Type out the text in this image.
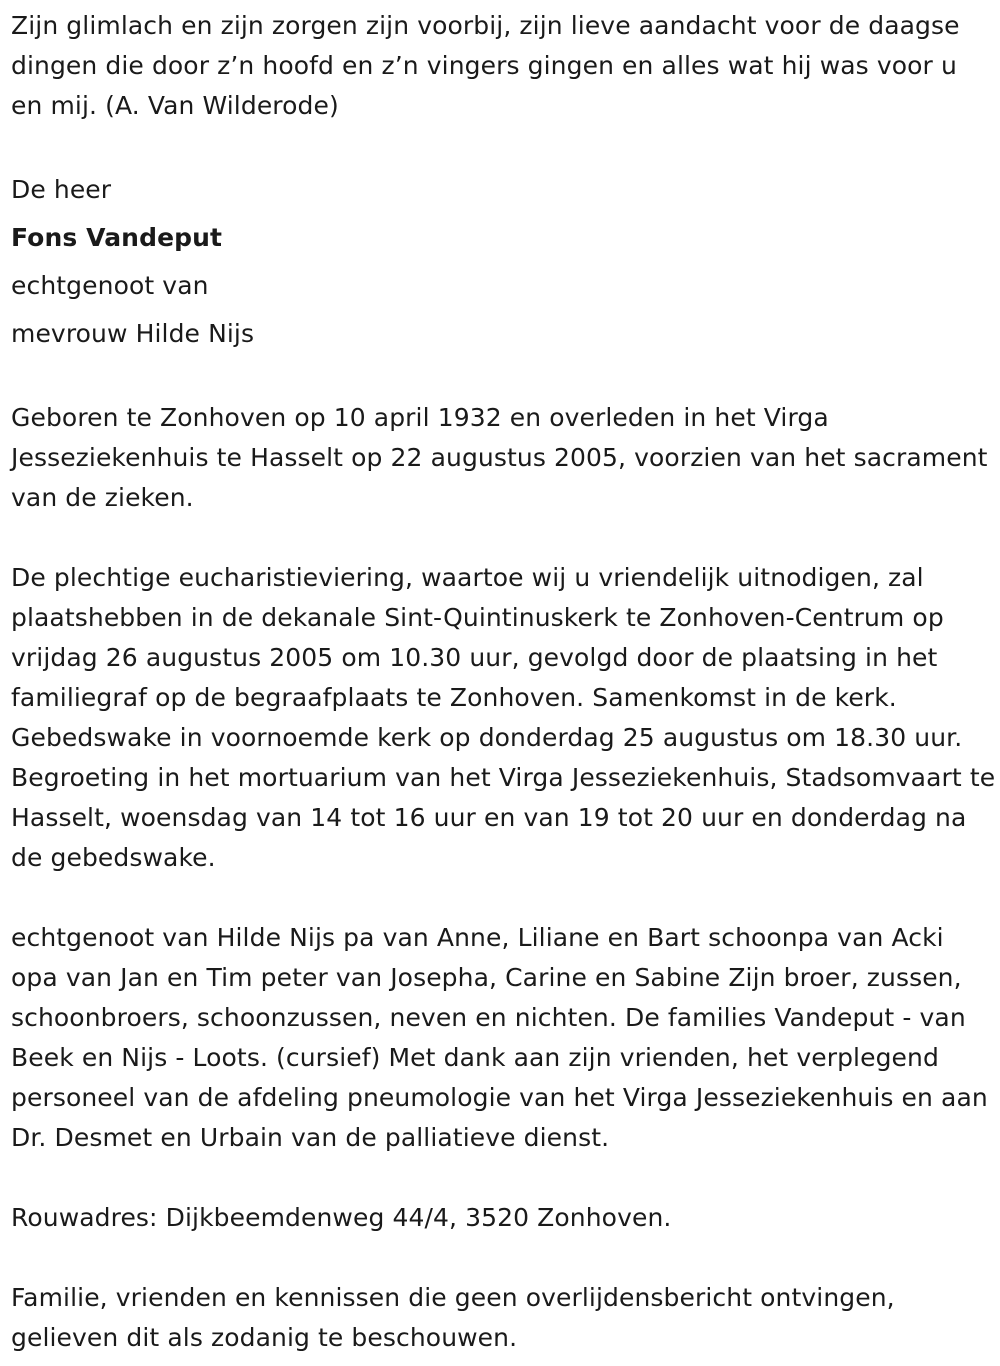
Zijn glimlach en zijn zorgen zijn voorbij, zijn lieve aandacht voor de daagse dingen die door z’n hoofd en z’n vingers gingen en alles wat hij was voor u en mij. (A. Van Wilderode)

De heer

Fons Vandeput

echtgenoot van

mevrouw Hilde Nijs

Geboren te Zonhoven op 10 april 1932 en overleden in het Virga Jesseziekenhuis te Hasselt op 22 augustus 2005, voorzien van het sacrament van de zieken.

De plechtige eucharistieviering, waartoe wij u vriendelijk uitnodigen, zal plaatshebben in de dekanale Sint-Quintinuskerk te Zonhoven-Centrum op vrijdag 26 augustus 2005 om 10.30 uur, gevolgd door de plaatsing in het familiegraf op de begraafplaats te Zonhoven. Samenkomst in de kerk. Gebedswake in voornoemde kerk op donderdag 25 augustus om 18.30 uur. Begroeting in het mortuarium van het Virga Jesseziekenhuis, Stadsomvaart te Hasselt, woensdag van 14 tot 16 uur en van 19 tot 20 uur en donderdag na de gebedswake.

echtgenoot van Hilde Nijs pa van Anne, Liliane en Bart schoonpa van Acki opa van Jan en Tim peter van Josepha, Carine en Sabine Zijn broer, zussen, schoonbroers, schoonzussen, neven en nichten. De families Vandeput - van Beek en Nijs - Loots. (cursief) Met dank aan zijn vrienden, het verplegend personeel van de afdeling pneumologie van het Virga Jesseziekenhuis en aan Dr. Desmet en Urbain van de palliatieve dienst.

Rouwadres: Dijkbeemdenweg 44/4, 3520 Zonhoven.

Familie, vrienden en kennissen die geen overlijdensbericht ontvingen, gelieven dit als zodanig te beschouwen.
